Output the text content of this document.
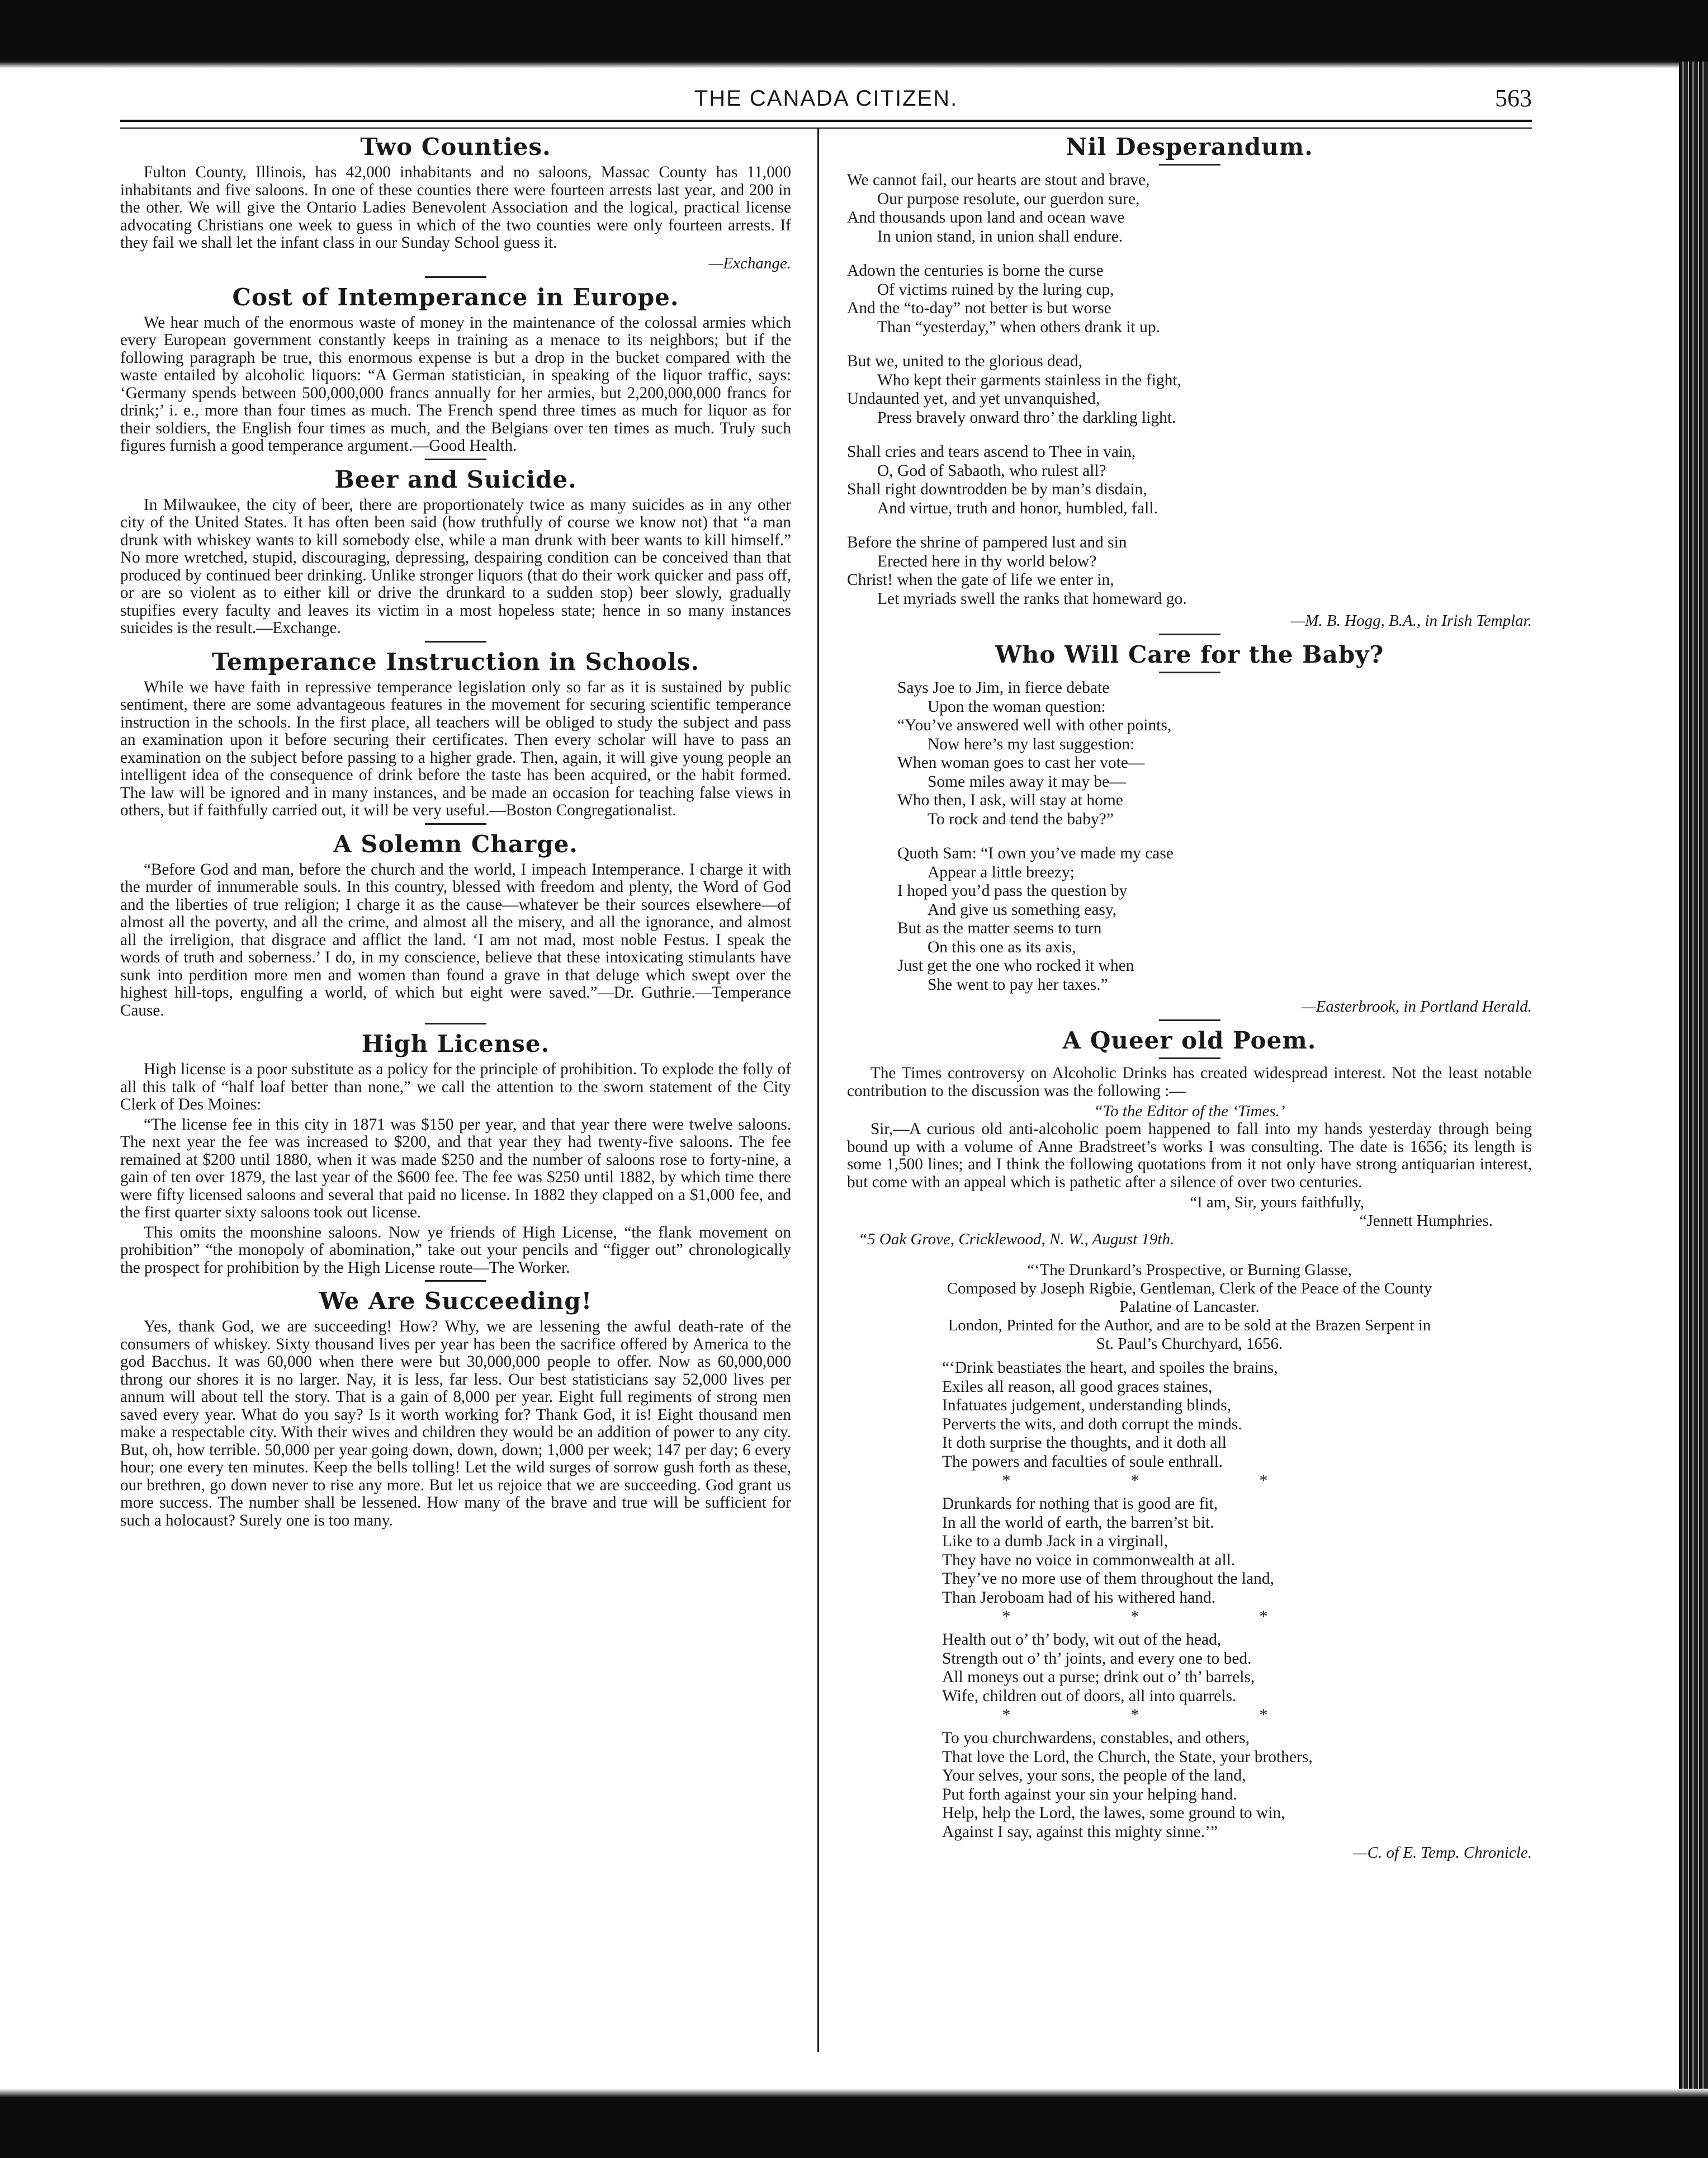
THE CANADA CITIZEN.	563
Two Counties.

Fulton County, Illinois, has 42,000 inhabitants and no saloons, Massac County has 11,000 inhabitants and five saloons. In one of these counties there were fourteen arrests last year, and 200 in the other. We will give the Ontario Ladies Benevolent Association and the logical, practical license advocating Christians one week to guess in which of the two counties were only fourteen arrests. If they fail we shall let the infant class in our Sunday School guess it.

—Exchange.
Cost of Intemperance in Europe.

We hear much of the enormous waste of money in the maintenance of the colossal armies which every European government constantly keeps in training as a menace to its neighbors; but if the following paragraph be true, this enormous expense is but a drop in the bucket compared with the waste entailed by alcoholic liquors: “A German statistician, in speaking of the liquor traffic, says: ‘Germany spends between 500,000,000 francs annually for her armies, but 2,200,000,000 francs for drink;’ i. e., more than four times as much. The French spend three times as much for liquor as for their soldiers, the English four times as much, and the Belgians over ten times as much. Truly such figures furnish a good temperance argument.—Good Health.

Beer and Suicide.

In Milwaukee, the city of beer, there are proportionately twice as many suicides as in any other city of the United States. It has often been said (how truthfully of course we know not) that “a man drunk with whiskey wants to kill somebody else, while a man drunk with beer wants to kill himself.” No more wretched, stupid, discouraging, depressing, despairing condition can be conceived than that produced by continued beer drinking. Unlike stronger liquors (that do their work quicker and pass off, or are so violent as to either kill or drive the drunkard to a sudden stop) beer slowly, gradually stupifies every faculty and leaves its victim in a most hopeless state; hence in so many instances suicides is the result.—Exchange.

Temperance Instruction in Schools.

While we have faith in repressive temperance legislation only so far as it is sustained by public sentiment, there are some advantageous features in the movement for securing scientific temperance instruction in the schools. In the first place, all teachers will be obliged to study the subject and pass an examination upon it before securing their certificates. Then every scholar will have to pass an examination on the subject before passing to a higher grade. Then, again, it will give young people an intelligent idea of the consequence of drink before the taste has been acquired, or the habit formed. The law will be ignored and in many instances, and be made an occasion for teaching false views in others, but if faithfully carried out, it will be very useful.—Boston Congregationalist.

A Solemn Charge.

“Before God and man, before the church and the world, I impeach Intemperance. I charge it with the murder of innumerable souls. In this country, blessed with freedom and plenty, the Word of God and the liberties of true religion; I charge it as the cause—whatever be their sources elsewhere—of almost all the poverty, and all the crime, and almost all the misery, and all the ignorance, and almost all the irreligion, that disgrace and afflict the land. ‘I am not mad, most noble Festus. I speak the words of truth and soberness.’ I do, in my conscience, believe that these intoxicating stimulants have sunk into perdition more men and women than found a grave in that deluge which swept over the highest hill-tops, engulfing a world, of which but eight were saved.”—Dr. Guthrie.—Temperance Cause.

High License.

High license is a poor substitute as a policy for the principle of prohibition. To explode the folly of all this talk of “half loaf better than none,” we call the attention to the sworn statement of the City Clerk of Des Moines:

“The license fee in this city in 1871 was $150 per year, and that year there were twelve saloons. The next year the fee was increased to $200, and that year they had twenty-five saloons. The fee remained at $200 until 1880, when it was made $250 and the number of saloons rose to forty-nine, a gain of ten over 1879, the last year of the $600 fee. The fee was $250 until 1882, by which time there were fifty licensed saloons and several that paid no license. In 1882 they clapped on a $1,000 fee, and the first quarter sixty saloons took out license.

This omits the moonshine saloons. Now ye friends of High License, “the flank movement on prohibition” “the monopoly of abomination,” take out your pencils and “figger out” chronologically the prospect for prohibition by the High License route—The Worker.

We Are Succeeding!

Yes, thank God, we are succeeding! How? Why, we are lessening the awful death-rate of the consumers of whiskey. Sixty thousand lives per year has been the sacrifice offered by America to the god Bacchus. It was 60,000 when there were but 30,000,000 people to offer. Now as 60,000,000 throng our shores it is no larger. Nay, it is less, far less. Our best statisticians say 52,000 lives per annum will about tell the story. That is a gain of 8,000 per year. Eight full regiments of strong men saved every year. What do you say? Is it worth working for? Thank God, it is! Eight thousand men make a respectable city. With their wives and children they would be an addition of power to any city. But, oh, how terrible. 50,000 per year going down, down, down; 1,000 per week; 147 per day; 6 every hour; one every ten minutes. Keep the bells tolling! Let the wild surges of sorrow gush forth as these, our brethren, go down never to rise any more. But let us rejoice that we are succeeding. God grant us more success. The number shall be lessened. How many of the brave and true will be sufficient for such a holocaust? Surely one is too many.

Nil Desperandum.
We cannot fail, our hearts are stout and brave,
Our purpose resolute, our guerdon sure,
And thousands upon land and ocean wave
In union stand, in union shall endure.
Adown the centuries is borne the curse
Of victims ruined by the luring cup,
And the “to-day” not better is but worse
Than “yesterday,” when others drank it up.
But we, united to the glorious dead,
Who kept their garments stainless in the fight,
Undaunted yet, and yet unvanquished,
Press bravely onward thro’ the darkling light.
Shall cries and tears ascend to Thee in vain,
O, God of Sabaoth, who rulest all?
Shall right downtrodden be by man’s disdain,
And virtue, truth and honor, humbled, fall.
Before the shrine of pampered lust and sin
Erected here in thy world below?
Christ! when the gate of life we enter in,
Let myriads swell the ranks that homeward go.
—M. B. Hogg, B.A., in Irish Templar.
Who Will Care for the Baby?
Says Joe to Jim, in fierce debate
Upon the woman question:
“You’ve answered well with other points,
Now here’s my last suggestion:
When woman goes to cast her vote—
Some miles away it may be—
Who then, I ask, will stay at home
To rock and tend the baby?”
Quoth Sam: “I own you’ve made my case
Appear a little breezy;
I hoped you’d pass the question by
And give us something easy,
But as the matter seems to turn
On this one as its axis,
Just get the one who rocked it when
She went to pay her taxes.”
—Easterbrook, in Portland Herald.
A Queer old Poem.

The Times controversy on Alcoholic Drinks has created widespread interest. Not the least notable contribution to the discussion was the following :—

“To the Editor of the ‘Times.’

Sir,—A curious old anti-alcoholic poem happened to fall into my hands yesterday through being bound up with a volume of Anne Bradstreet’s works I was consulting. The date is 1656; its length is some 1,500 lines; and I think the following quotations from it not only have strong antiquarian interest, but come with an appeal which is pathetic after a silence of over two centuries.

“I am, Sir, yours faithfully,
“Jennett Humphries.
“5 Oak Grove, Cricklewood, N. W., August 19th.
“‘The Drunkard’s Prospective, or Burning Glasse,
Composed by Joseph Rigbie, Gentleman, Clerk of the Peace of the County
Palatine of Lancaster.
London, Printed for the Author, and are to be sold at the Brazen Serpent in
St. Paul’s Churchyard, 1656.
“‘Drink beastiates the heart, and spoiles the brains,
Exiles all reason, all good graces staines,
Infatuates judgement, understanding blinds,
Perverts the wits, and doth corrupt the minds.
It doth surprise the thoughts, and it doth all
The powers and faculties of soule enthrall.
*	*	*
Drunkards for nothing that is good are fit,
In all the world of earth, the barren’st bit.
Like to a dumb Jack in a virginall,
They have no voice in commonwealth at all.
They’ve no more use of them throughout the land,
Than Jeroboam had of his withered hand.
*	*	*
Health out o’ th’ body, wit out of the head,
Strength out o’ th’ joints, and every one to bed.
All moneys out a purse; drink out o’ th’ barrels,
Wife, children out of doors, all into quarrels.
*	*	*
To you churchwardens, constables, and others,
That love the Lord, the Church, the State, your brothers,
Your selves, your sons, the people of the land,
Put forth against your sin your helping hand.
Help, help the Lord, the lawes, some ground to win,
Against I say, against this mighty sinne.’”
—C. of E. Temp. Chronicle.
